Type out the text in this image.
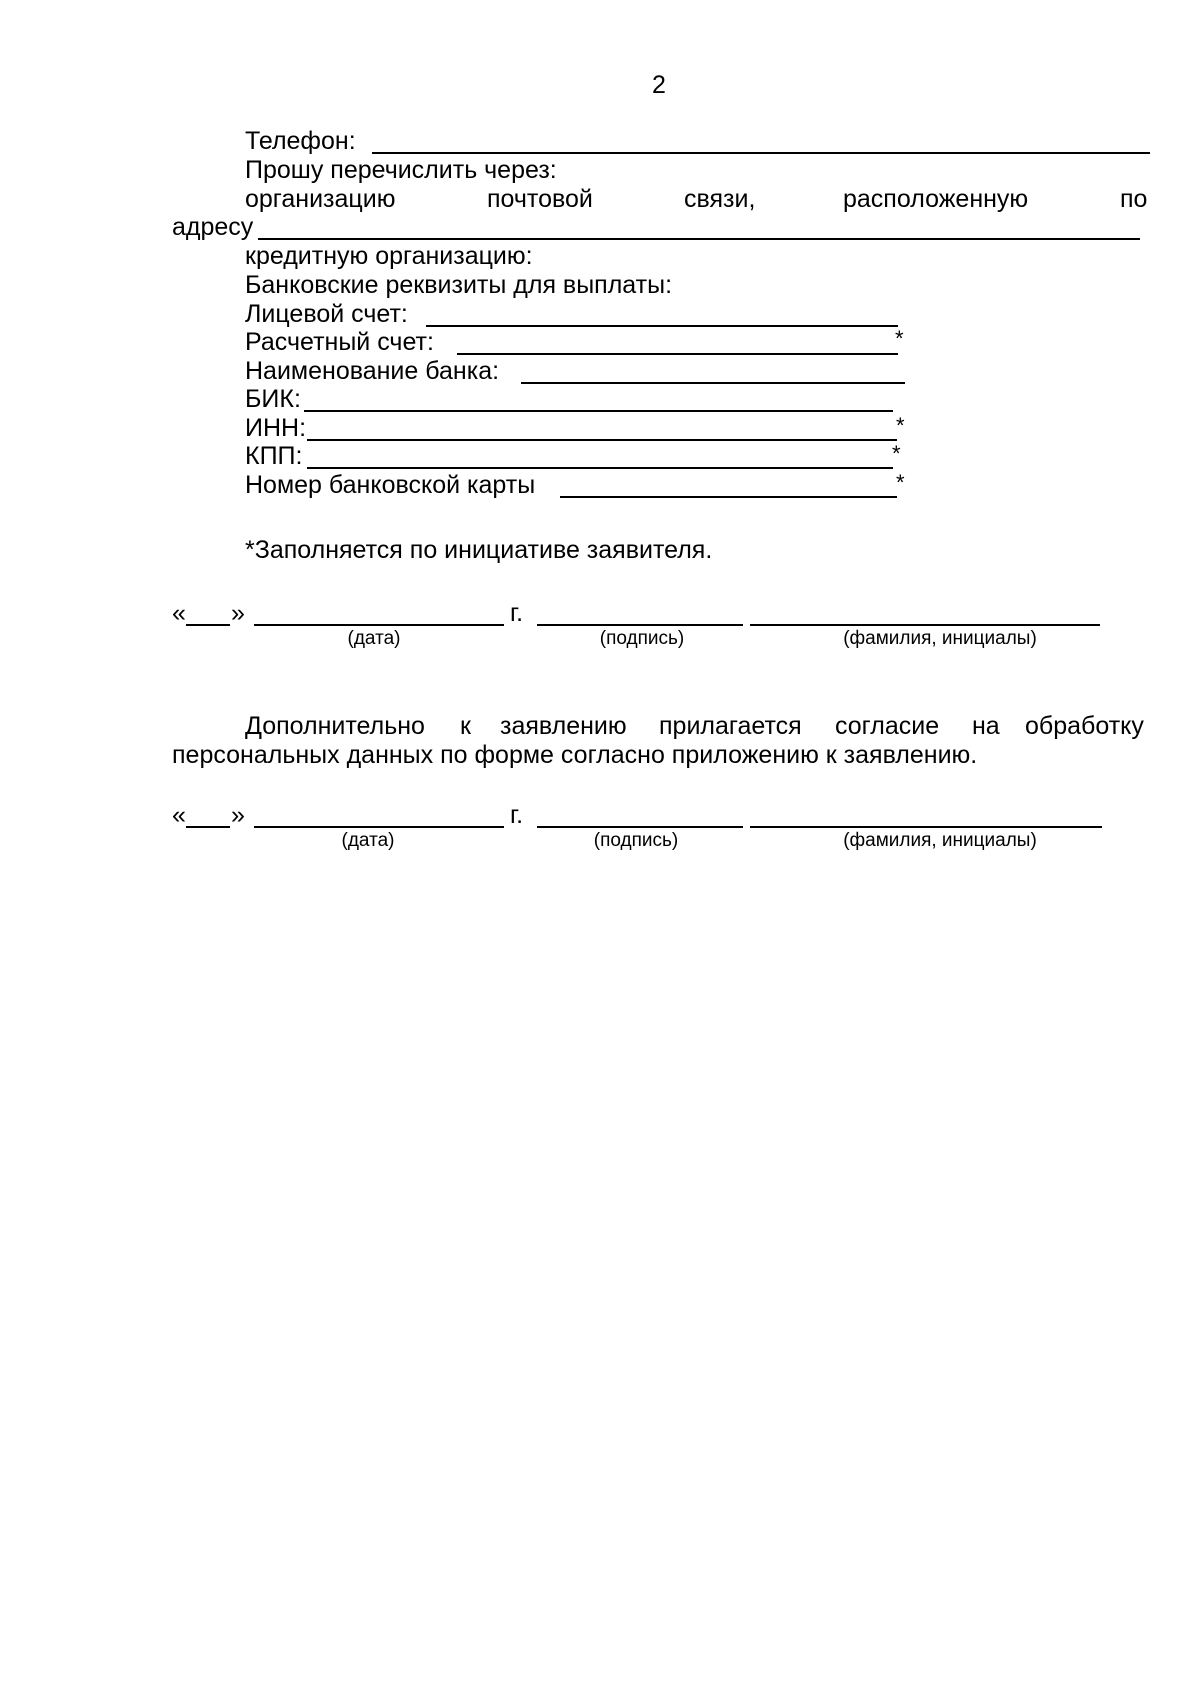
2
Телефон:
Прошу перечислить через:
организацию	почтовой	связи,	расположенную	по
адресу
кредитную организацию:
Банковские реквизиты для выплаты:
Лицевой счет:
Расчетный счет:	*
Наименование банка:
БИК:
ИНН:	*
КПП:	*
Номер банковской карты	*
*Заполняется по инициативе заявителя.
« »	г.
(дата)	(подпись)	(фамилия, инициалы)
Дополнительно к заявлению прилагается согласие на обработку
персональных данных по форме согласно приложению к заявлению.
« »	г.
(дата)	(подпись)	(фамилия, инициалы)
